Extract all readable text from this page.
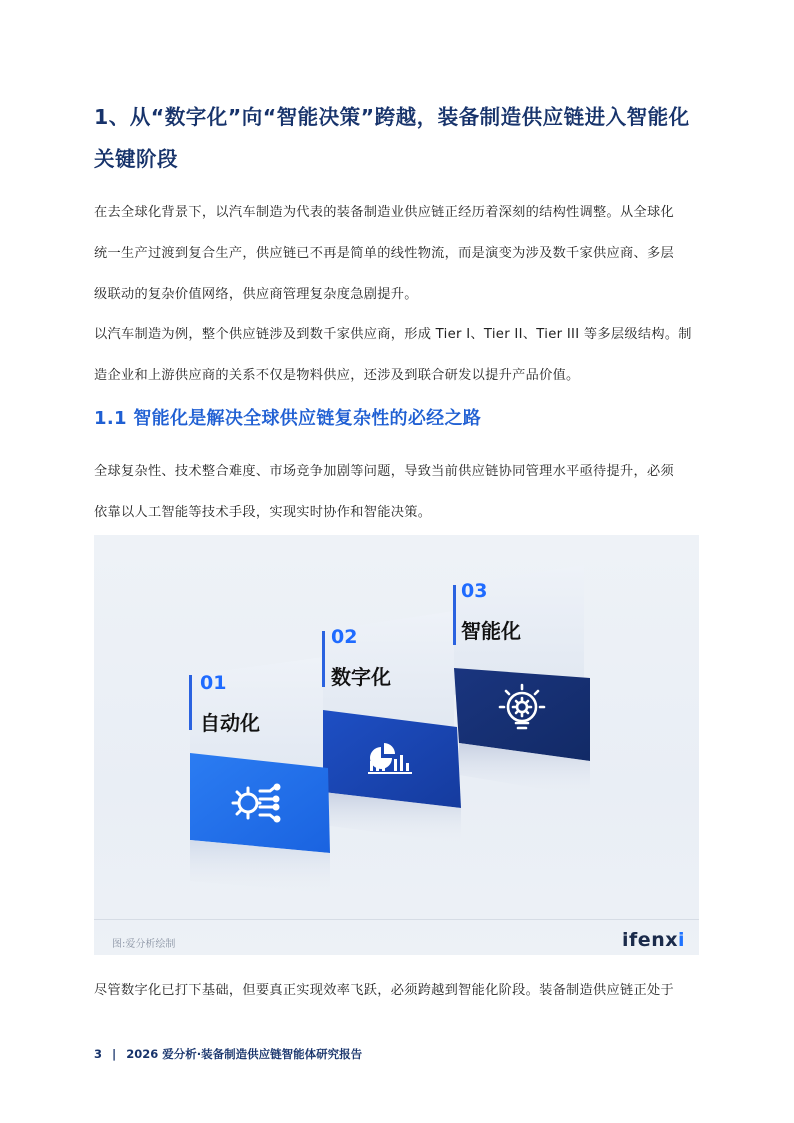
1、从“数字化”向“智能决策”跨越，装备制造供应链进入智能化
关键阶段
在去全球化背景下，以汽车制造为代表的装备制造业供应链正经历着深刻的结构性调整。从全球化
统一生产过渡到复合生产，供应链已不再是简单的线性物流，而是演变为涉及数千家供应商、多层
级联动的复杂价值网络，供应商管理复杂度急剧提升。
以汽车制造为例，整个供应链涉及到数千家供应商，形成 Tier I、Tier II、Tier III 等多层级结构。制
造企业和上游供应商的关系不仅是物料供应，还涉及到联合研发以提升产品价值。
1.1 智能化是解决全球供应链复杂性的必经之路
全球复杂性、技术整合难度、市场竞争加剧等问题，导致当前供应链协同管理水平亟待提升，必须
依靠以人工智能等技术手段，实现实时协作和智能决策。
01
自动化
02
数字化
03
智能化
图:爱分析绘制	ifenxi
尽管数字化已打下基础，但要真正实现效率飞跃，必须跨越到智能化阶段。装备制造供应链正处于
3 | 2026 爱分析·装备制造供应链智能体研究报告
